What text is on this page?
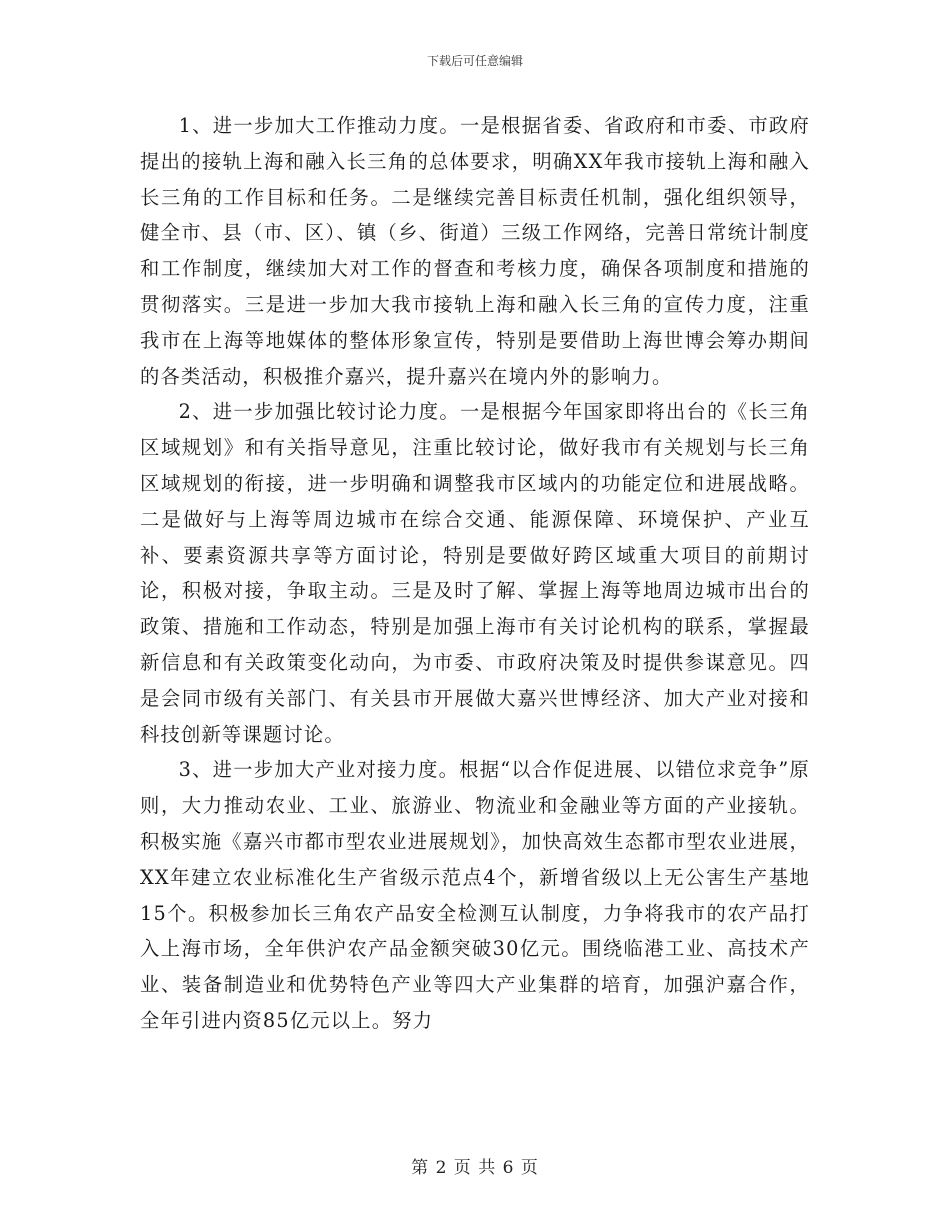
下载后可任意编辑

1、进一步加大工作推动力度。一是根据省委、省政府和市委、市政府提出的接轨上海和融入长三角的总体要求，明确XX年我市接轨上海和融入长三角的工作目标和任务。二是继续完善目标责任机制，强化组织领导，健全市、县（市、区）、镇（乡、街道）三级工作网络，完善日常统计制度和工作制度，继续加大对工作的督查和考核力度，确保各项制度和措施的贯彻落实。三是进一步加大我市接轨上海和融入长三角的宣传力度，注重我市在上海等地媒体的整体形象宣传，特别是要借助上海世博会筹办期间的各类活动，积极推介嘉兴，提升嘉兴在境内外的影响力。

2、进一步加强比较讨论力度。一是根据今年国家即将出台的《长三角区域规划》和有关指导意见，注重比较讨论，做好我市有关规划与长三角区域规划的衔接，进一步明确和调整我市区域内的功能定位和进展战略。二是做好与上海等周边城市在综合交通、能源保障、环境保护、产业互补、要素资源共享等方面讨论，特别是要做好跨区域重大项目的前期讨论，积极对接，争取主动。三是及时了解、掌握上海等地周边城市出台的政策、措施和工作动态，特别是加强上海市有关讨论机构的联系，掌握最新信息和有关政策变化动向，为市委、市政府决策及时提供参谋意见。四是会同市级有关部门、有关县市开展做大嘉兴世博经济、加大产业对接和科技创新等课题讨论。

3、进一步加大产业对接力度。根据“以合作促进展、以错位求竞争”原则，大力推动农业、工业、旅游业、物流业和金融业等方面的产业接轨。积极实施《嘉兴市都市型农业进展规划》，加快高效生态都市型农业进展，XX年建立农业标准化生产省级示范点4个，新增省级以上无公害生产基地15个。积极参加长三角农产品安全检测互认制度，力争将我市的农产品打入上海市场，全年供沪农产品金额突破30亿元。围绕临港工业、高技术产业、装备制造业和优势特色产业等四大产业集群的培育，加强沪嘉合作，全年引进内资85亿元以上。努力

第 2 页 共 6 页
